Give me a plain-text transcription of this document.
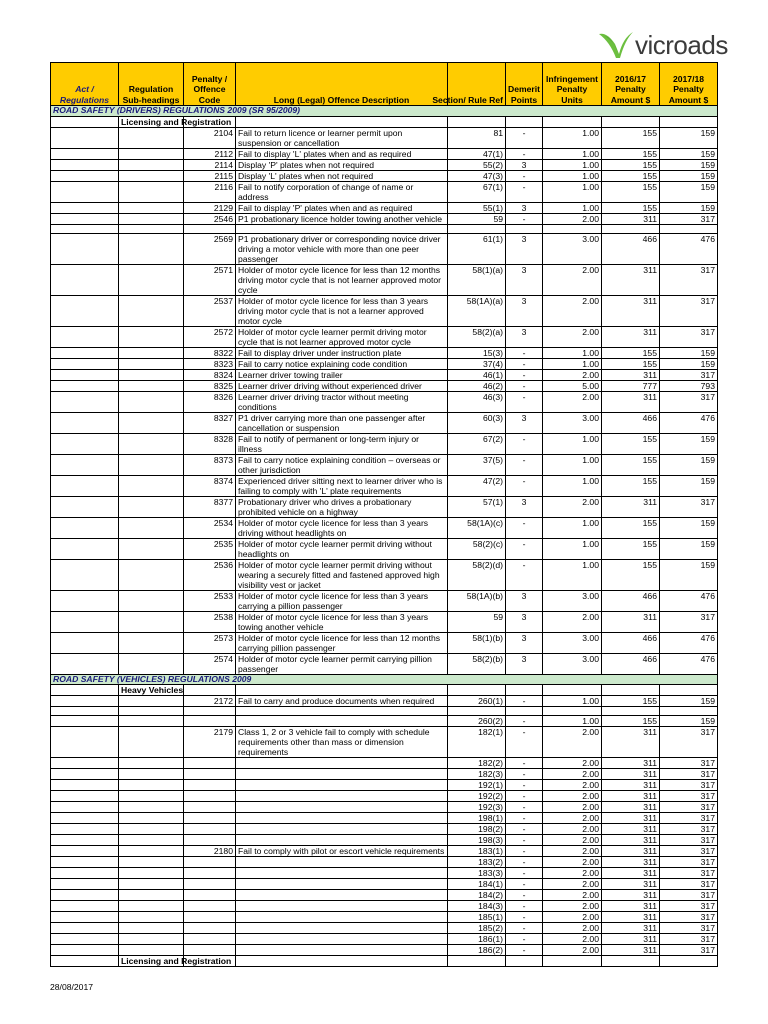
vicroads
Act / Regulations	Regulation Sub-headings	Penalty / Offence Code	Long (Legal) Offence Description	Section/ Rule Ref	Demerit Points	Infringement Penalty Units	2016/17 Penalty Amount $	2017/18 Penalty Amount $
ROAD SAFETY (DRIVERS) REGULATIONS 2009 (SR 95/2009)								
	Licensing and Registration							
		2104	Fail to return licence or learner permit upon suspension or cancellation	81	-	1.00	155	159
		2112	Fail to display 'L' plates when and as required	47(1)	-	1.00	155	159
		2114	Display 'P' plates when not required	55(2)	3	1.00	155	159
		2115	Display 'L' plates when not required	47(3)	-	1.00	155	159
		2116	Fail to notify corporation of change of name or address	67(1)	-	1.00	155	159
		2129	Fail to display 'P' plates when and as required	55(1)	3	1.00	155	159
		2546	P1 probationary licence holder towing another vehicle	59	-	2.00	311	317

		2569	P1 probationary driver or corresponding novice driver driving a motor vehicle with more than one peer passenger	61(1)	3	3.00	466	476
		2571	Holder of motor cycle licence for less than 12 months driving motor cycle that is not learner approved motor cycle	58(1)(a)	3	2.00	311	317
		2537	Holder of motor cycle licence for less than 3 years driving motor cycle that is not a learner approved motor cycle	58(1A)(a)	3	2.00	311	317
		2572	Holder of motor cycle learner permit driving motor cycle that is not learner approved motor cycle	58(2)(a)	3	2.00	311	317
		8322	Fail to display driver under instruction plate	15(3)	-	1.00	155	159
		8323	Fail to carry notice explaining code condition	37(4)	-	1.00	155	159
		8324	Learner driver towing trailer	46(1)	-	2.00	311	317
		8325	Learner driver driving without experienced driver	46(2)	-	5.00	777	793
		8326	Learner driver driving tractor without meeting conditions	46(3)	-	2.00	311	317
		8327	P1 driver carrying more than one passenger after cancellation or suspension	60(3)	3	3.00	466	476
		8328	Fail to notify of permanent or long-term injury or illness	67(2)	-	1.00	155	159
		8373	Fail to carry notice explaining condition – overseas or other jurisdiction	37(5)	-	1.00	155	159
		8374	Experienced driver sitting next to learner driver who is failing to comply with 'L' plate requirements	47(2)	-	1.00	155	159
		8377	Probationary driver who drives a probationary prohibited vehicle on a highway	57(1)	3	2.00	311	317
		2534	Holder of motor cycle licence for less than 3 years driving without headlights on	58(1A)(c)	-	1.00	155	159
		2535	Holder of motor cycle learner permit driving without headlights on	58(2)(c)	-	1.00	155	159
		2536	Holder of motor cycle learner permit driving without wearing a securely fitted and fastened approved high visibility vest or jacket	58(2)(d)	-	1.00	155	159
		2533	Holder of motor cycle licence for less than 3 years carrying a pillion passenger	58(1A)(b)	3	3.00	466	476
		2538	Holder of motor cycle licence for less than 3 years towing another vehicle	59	3	2.00	311	317
		2573	Holder of motor cycle licence for less than 12 months carrying pillion passenger	58(1)(b)	3	3.00	466	476
		2574	Holder of motor cycle learner permit carrying pillion passenger	58(2)(b)	3	3.00	466	476
ROAD SAFETY (VEHICLES) REGULATIONS 2009								
	Heavy Vehicles							
		2172	Fail to carry and produce documents when required	260(1)	-	1.00	155	159

				260(2)	-	1.00	155	159
		2179	Class 1, 2 or 3 vehicle fail to comply with schedule requirements other than mass or dimension requirements	182(1)	-	2.00	311	317
				182(2)	-	2.00	311	317
				182(3)	-	2.00	311	317
				192(1)	-	2.00	311	317
				192(2)	-	2.00	311	317
				192(3)	-	2.00	311	317
				198(1)	-	2.00	311	317
				198(2)	-	2.00	311	317
				198(3)	-	2.00	311	317
		2180	Fail to comply with pilot or escort vehicle requirements	183(1)	-	2.00	311	317
				183(2)	-	2.00	311	317
				183(3)	-	2.00	311	317
				184(1)	-	2.00	311	317
				184(2)	-	2.00	311	317
				184(3)	-	2.00	311	317
				185(1)	-	2.00	311	317
				185(2)	-	2.00	311	317
				186(1)	-	2.00	311	317
				186(2)	-	2.00	311	317
	Licensing and Registration							
28/08/2017
